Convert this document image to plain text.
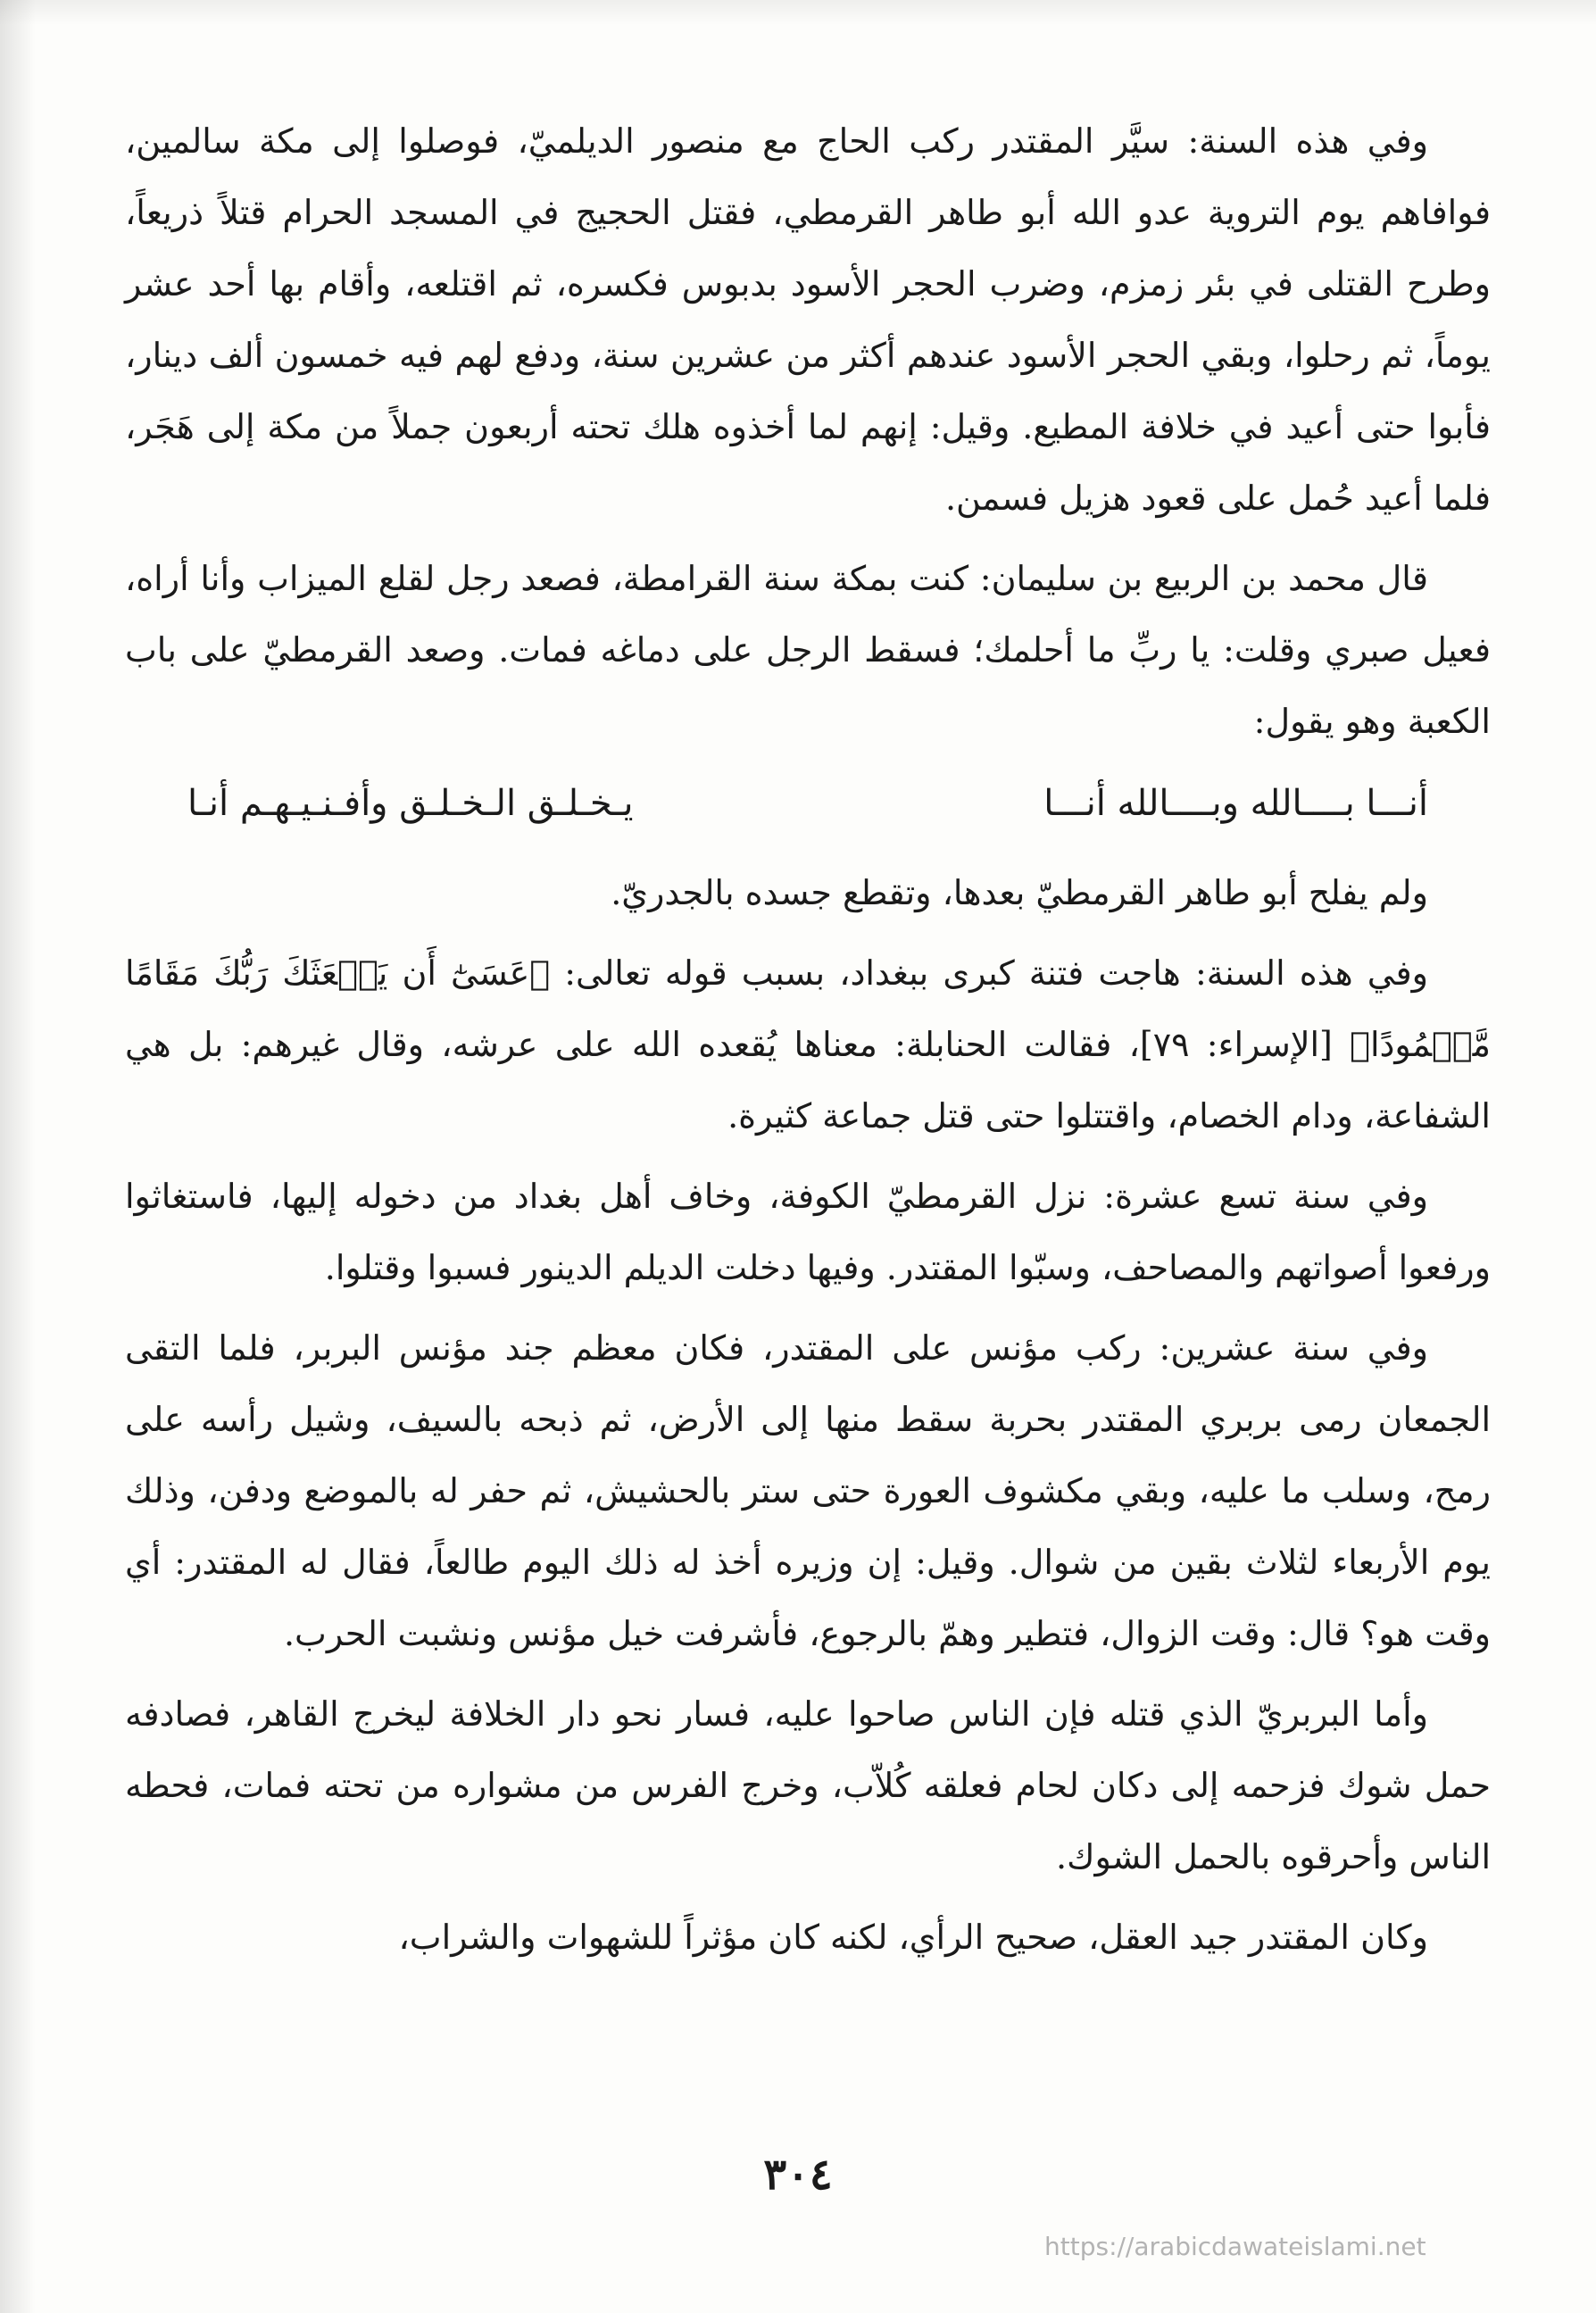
وفي هذه السنة: سيَّر المقتدر ركب الحاج مع منصور الديلميّ، فوصلوا إلى مكة سالمين، فوافاهم يوم التروية عدو الله أبو طاهر القرمطي، فقتل الحجيج في المسجد الحرام قتلاً ذريعاً، وطرح القتلى في بئر زمزم، وضرب الحجر الأسود بدبوس فكسره، ثم اقتلعه، وأقام بها أحد عشر يوماً، ثم رحلوا، وبقي الحجر الأسود عندهم أكثر من عشرين سنة، ودفع لهم فيه خمسون ألف دينار، فأبوا حتى أعيد في خلافة المطيع. وقيل: إنهم لما أخذوه هلك تحته أربعون جملاً من مكة إلى هَجَر، فلما أعيد حُمل على قعود هزيل فسمن.

قال محمد بن الربيع بن سليمان: كنت بمكة سنة القرامطة، فصعد رجل لقلع الميزاب وأنا أراه، فعيل صبري وقلت: يا ربِّ ما أحلمك؛ فسقط الرجل على دماغه فمات. وصعد القرمطيّ على باب الكعبة وهو يقول:

أنـــا بــــالله وبــــالله أنـــا
يـخـلـق الـخـلـق وأفـنـيـهـم أنـا

ولم يفلح أبو طاهر القرمطيّ بعدها، وتقطع جسده بالجدريّ.

وفي هذه السنة: هاجت فتنة كبرى ببغداد، بسبب قوله تعالى: ﴿عَسَىٰٓ أَن يَبۡعَثَكَ رَبُّكَ مَقَامًا مَّحۡمُودًا﴾ [الإسراء: ٧٩]، فقالت الحنابلة: معناها يُقعده الله على عرشه، وقال غيرهم: بل هي الشفاعة، ودام الخصام، واقتتلوا حتى قتل جماعة كثيرة.

وفي سنة تسع عشرة: نزل القرمطيّ الكوفة، وخاف أهل بغداد من دخوله إليها، فاستغاثوا ورفعوا أصواتهم والمصاحف، وسبّوا المقتدر. وفيها دخلت الديلم الدينور فسبوا وقتلوا.

وفي سنة عشرين: ركب مؤنس على المقتدر، فكان معظم جند مؤنس البربر، فلما التقى الجمعان رمى بربري المقتدر بحربة سقط منها إلى الأرض، ثم ذبحه بالسيف، وشيل رأسه على رمح، وسلب ما عليه، وبقي مكشوف العورة حتى ستر بالحشيش، ثم حفر له بالموضع ودفن، وذلك يوم الأربعاء لثلاث بقين من شوال. وقيل: إن وزيره أخذ له ذلك اليوم طالعاً، فقال له المقتدر: أي وقت هو؟ قال: وقت الزوال، فتطير وهمّ بالرجوع، فأشرفت خيل مؤنس ونشبت الحرب.

وأما البربريّ الذي قتله فإن الناس صاحوا عليه، فسار نحو دار الخلافة ليخرج القاهر، فصادفه حمل شوك فزحمه إلى دكان لحام فعلقه كُلاّب، وخرج الفرس من مشواره من تحته فمات، فحطه الناس وأحرقوه بالحمل الشوك.

وكان المقتدر جيد العقل، صحيح الرأي، لكنه كان مؤثراً للشهوات والشراب،

٣٠٤
https://arabicdawateislami.net
